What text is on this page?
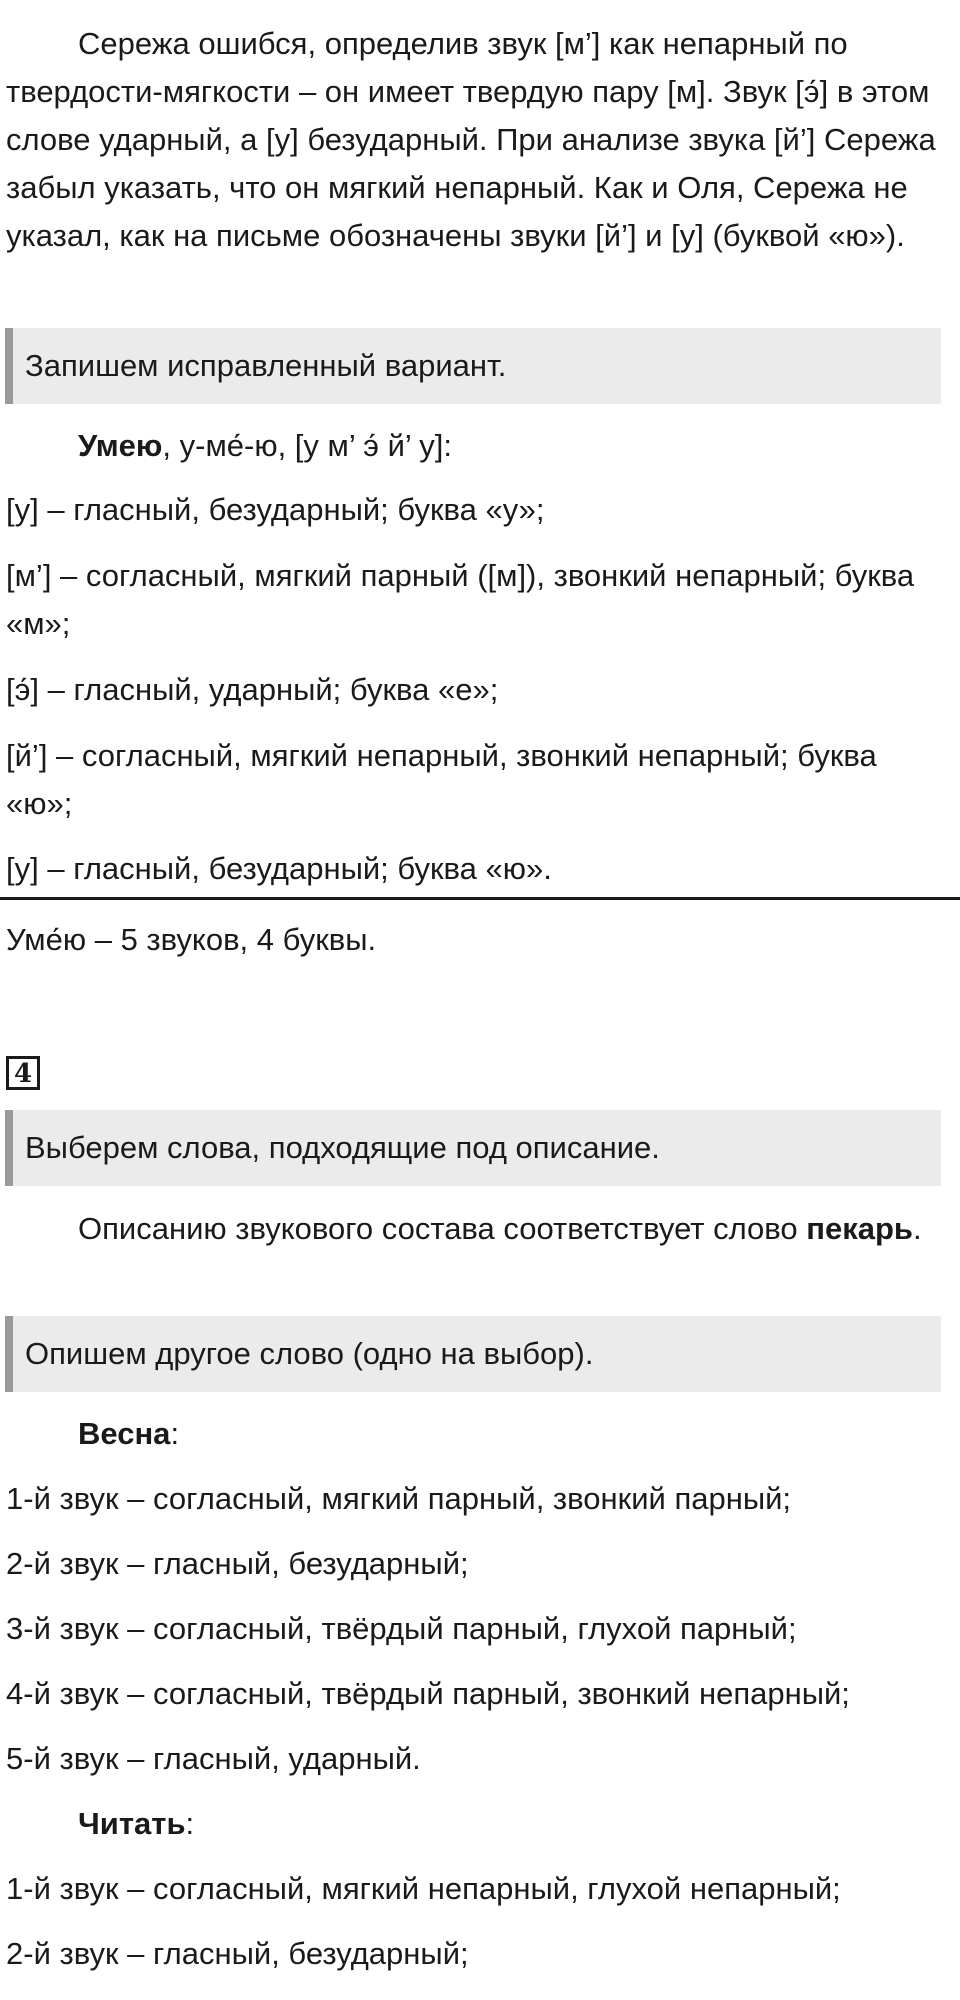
Сережа ошибся, определив звук [м’] как непарный по твердости-мягкости – он имеет твердую пару [м]. Звук [э́] в этом слове ударный, а [у] безударный. При анализе звука [й’] Сережа забыл указать, что он мягкий непарный. Как и Оля, Сережа не указал, как на письме обозначены звуки [й’] и [у] (буквой «ю»).

Запишем исправленный вариант.

Умею, у-ме́-ю, [у м’ э́ й’ у]:

[у] – гласный, безударный; буква «у»;

[м’] – согласный, мягкий парный ([м]), звонкий непарный; буква «м»;

[э́] – гласный, ударный; буква «е»;

[й’] – согласный, мягкий непарный, звонкий непарный; буква «ю»;

[у] – гласный, безударный; буква «ю».

Уме́ю – 5 звуков, 4 буквы.

4
Выберем слова, подходящие под описание.

Описанию звукового состава соответствует слово пекарь.

Опишем другое слово (одно на выбор).

Весна:

1-й звук – согласный, мягкий парный, звонкий парный;

2-й звук – гласный, безударный;

3-й звук – согласный, твёрдый парный, глухой парный;

4-й звук – согласный, твёрдый парный, звонкий непарный;

5-й звук – гласный, ударный.

Читать:

1-й звук – согласный, мягкий непарный, глухой непарный;

2-й звук – гласный, безударный;
